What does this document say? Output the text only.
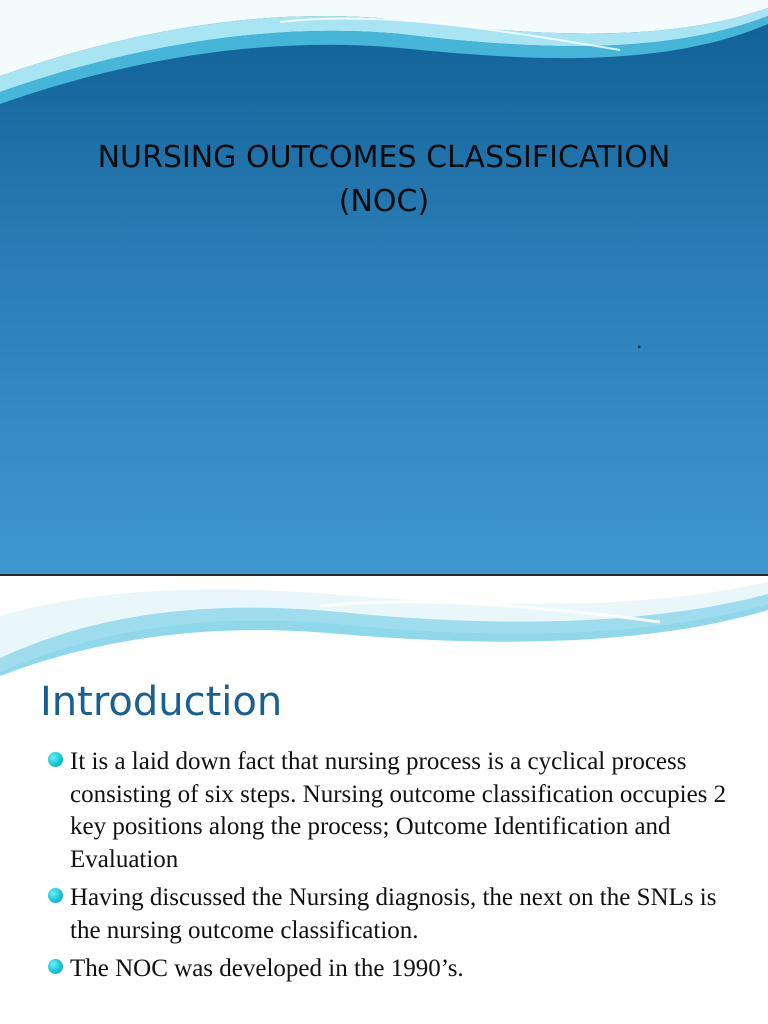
NURSING OUTCOMES CLASSIFICATION
(NOC)
.
Introduction
It is a laid down fact that nursing process is a cyclical process consisting of six steps. Nursing outcome classification occupies 2 key positions along the process; Outcome Identification and Evaluation
Having discussed the Nursing diagnosis, the next on the SNLs is the nursing outcome classification.
The NOC was developed in the 1990’s.
